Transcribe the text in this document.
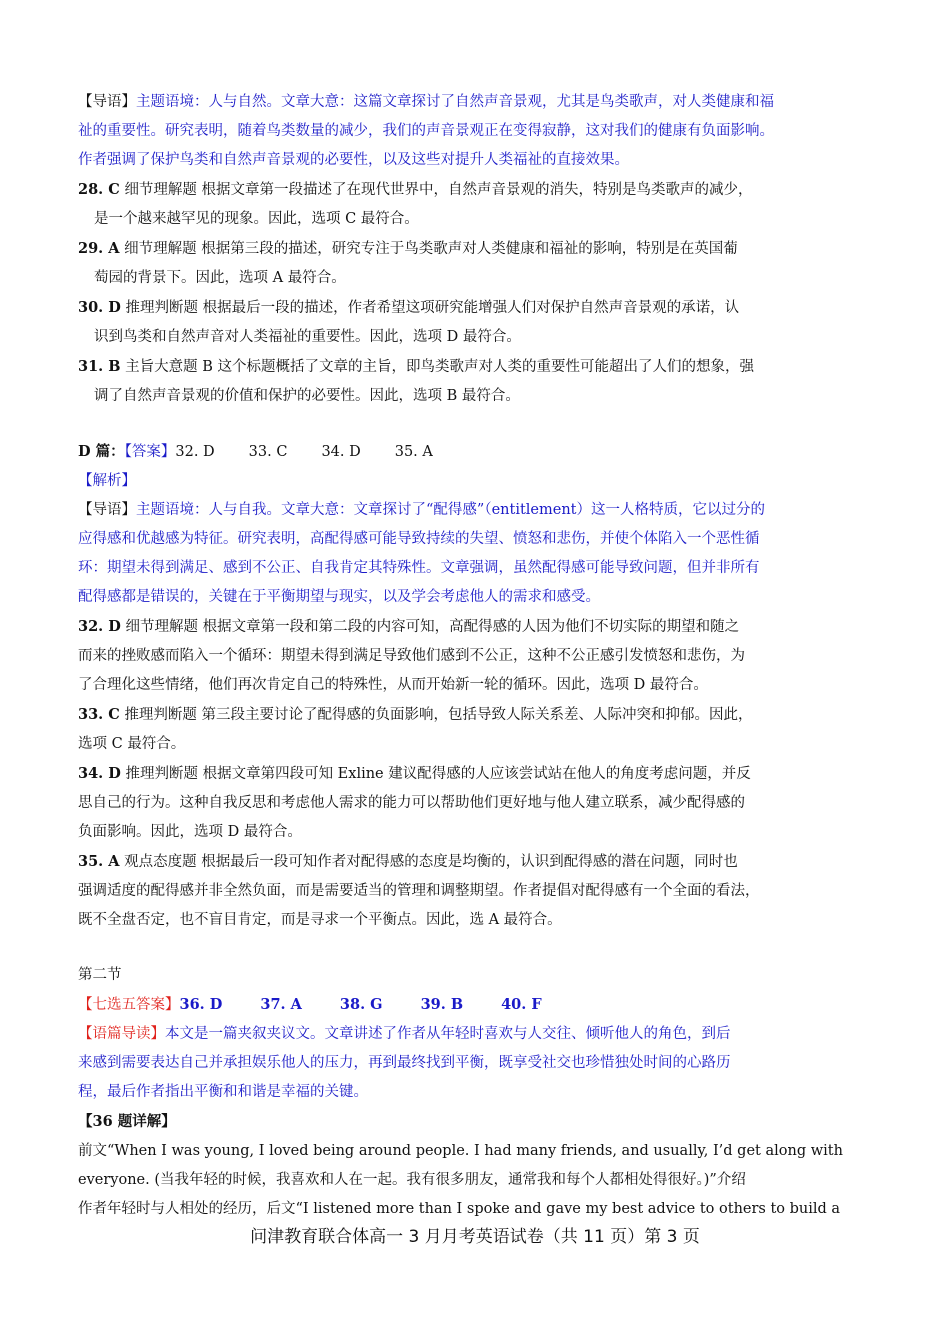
【导语】主题语境：人与自然。文章大意：这篇文章探讨了自然声音景观，尤其是鸟类歌声，对人类健康和福
祉的重要性。研究表明，随着鸟类数量的减少，我们的声音景观正在变得寂静，这对我们的健康有负面影响。
作者强调了保护鸟类和自然声音景观的必要性，以及这些对提升人类福祉的直接效果。

28. C 细节理解题 根据文章第一段描述了在现代世界中，自然声音景观的消失，特别是鸟类歌声的减少，
是一个越来越罕见的现象。因此，选项 C 最符合。

29. A 细节理解题 根据第三段的描述，研究专注于鸟类歌声对人类健康和福祉的影响，特别是在英国葡
萄园的背景下。因此，选项 A 最符合。

30. D 推理判断题 根据最后一段的描述，作者希望这项研究能增强人们对保护自然声音景观的承诺，认
识到鸟类和自然声音对人类福祉的重要性。因此，选项 D 最符合。

31. B 主旨大意题 B 这个标题概括了文章的主旨，即鸟类歌声对人类的重要性可能超出了人们的想象，强
调了自然声音景观的价值和保护的必要性。因此，选项 B 最符合。

D 篇：【答案】32. D 33. C 34. D 35. A

【解析】

【导语】主题语境：人与自我。文章大意：文章探讨了“配得感”（entitlement）这一人格特质，它以过分的
应得感和优越感为特征。研究表明，高配得感可能导致持续的失望、愤怒和悲伤，并使个体陷入一个恶性循
环：期望未得到满足、感到不公正、自我肯定其特殊性。文章强调，虽然配得感可能导致问题，但并非所有
配得感都是错误的，关键在于平衡期望与现实，以及学会考虑他人的需求和感受。

32. D 细节理解题 根据文章第一段和第二段的内容可知，高配得感的人因为他们不切实际的期望和随之
而来的挫败感而陷入一个循环：期望未得到满足导致他们感到不公正，这种不公正感引发愤怒和悲伤，为
了合理化这些情绪，他们再次肯定自己的特殊性，从而开始新一轮的循环。因此，选项 D 最符合。

33. C 推理判断题 第三段主要讨论了配得感的负面影响，包括导致人际关系差、人际冲突和抑郁。因此，
选项 C 最符合。

34. D 推理判断题 根据文章第四段可知 Exline 建议配得感的人应该尝试站在他人的角度考虑问题，并反
思自己的行为。这种自我反思和考虑他人需求的能力可以帮助他们更好地与他人建立联系，减少配得感的
负面影响。因此，选项 D 最符合。

35. A 观点态度题 根据最后一段可知作者对配得感的态度是均衡的，认识到配得感的潜在问题，同时也
强调适度的配得感并非全然负面，而是需要适当的管理和调整期望。作者提倡对配得感有一个全面的看法，
既不全盘否定，也不盲目肯定，而是寻求一个平衡点。因此，选 A 最符合。

第二节

【七选五答案】36. D	37. A	38. G	39. B	40. F

【语篇导读】本文是一篇夹叙夹议文。文章讲述了作者从年轻时喜欢与人交往、倾听他人的角色，到后
来感到需要表达自己并承担娱乐他人的压力，再到最终找到平衡，既享受社交也珍惜独处时间的心路历
程，最后作者指出平衡和和谐是幸福的关键。

【36 题详解】

前文“When I was young, I loved being around people. I had many friends, and usually, I’d get along with
everyone. (当我年轻的时候，我喜欢和人在一起。我有很多朋友，通常我和每个人都相处得很好。)”介绍
作者年轻时与人相处的经历，后文“I listened more than I spoke and gave my best advice to others to build a

问津教育联合体高一 3 月月考英语试卷（共 11 页）第 3 页
